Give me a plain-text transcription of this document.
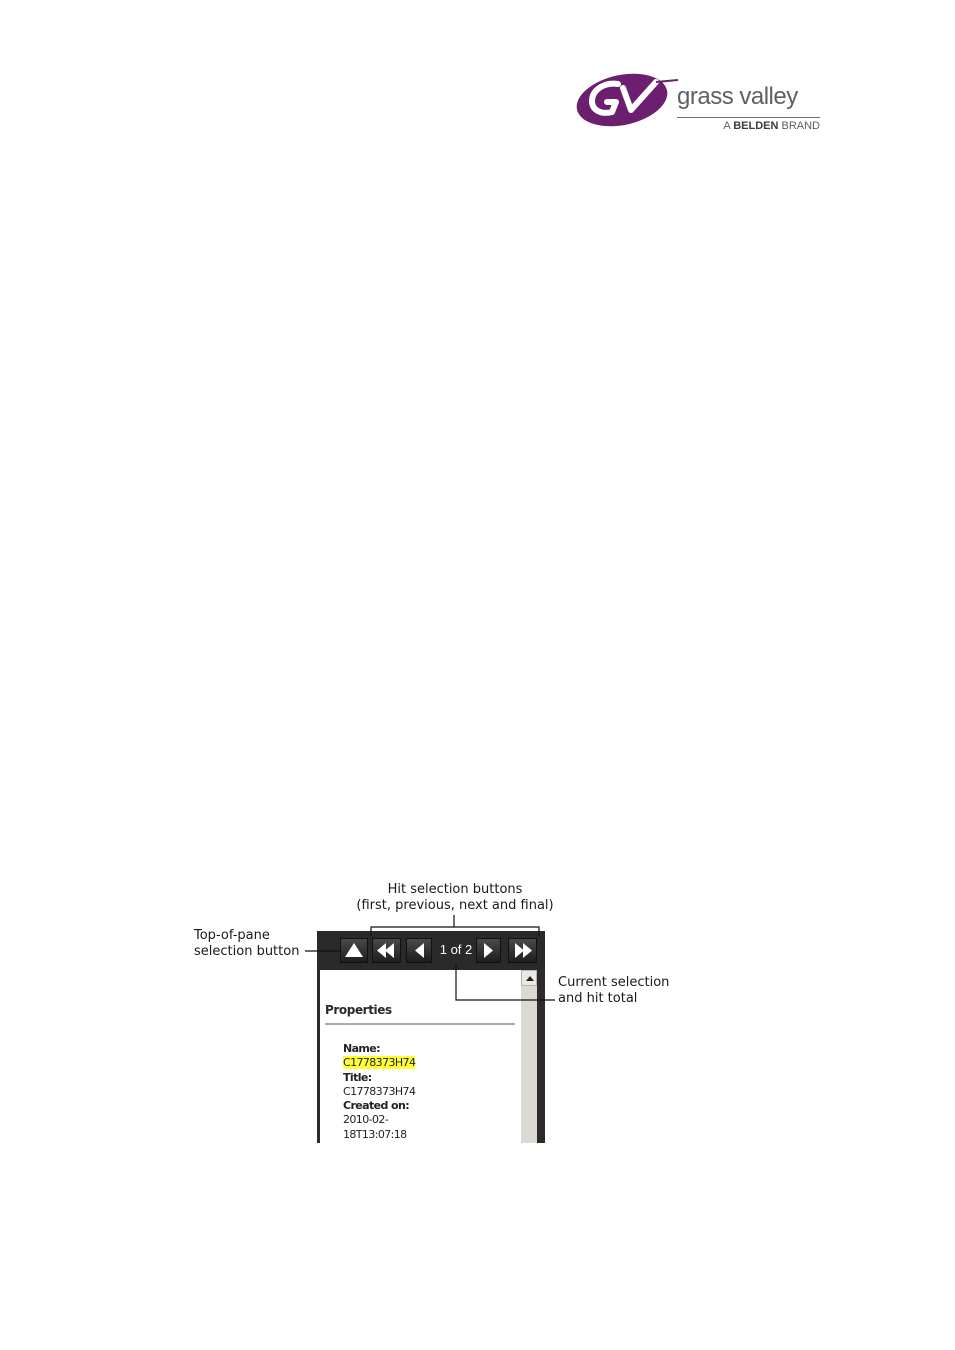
grass valley
A BELDEN BRAND
Hit selection buttons
(first, previous, next and final)
Top-of-pane
selection button
Current selection
and hit total
1 of 2
Properties
Name:
C1778373H74
Title:
C1778373H74
Created on:
2010-02-
18T13:07:18
